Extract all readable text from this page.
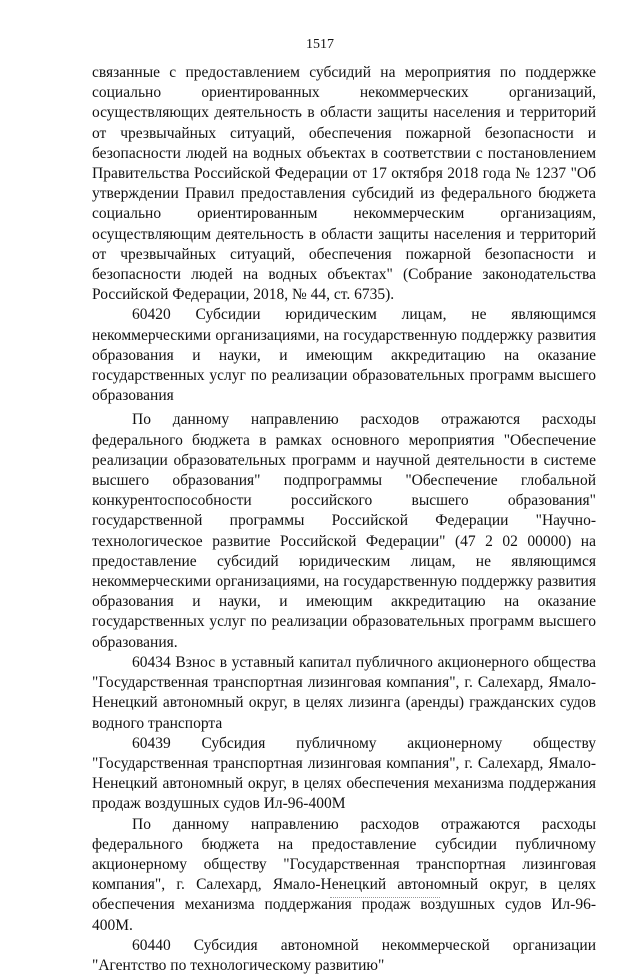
1517

связанные с предоставлением субсидий на мероприятия по поддержке социально ориентированных некоммерческих организаций, осуществляющих деятельность в области защиты населения и территорий от чрезвычайных ситуаций, обеспечения пожарной безопасности и безопасности людей на водных объектах в соответствии с постановлением Правительства Российской Федерации от 17 октября 2018 года № 1237 "Об утверждении Правил предоставления субсидий из федерального бюджета социально ориентированным некоммерческим организациям, осуществляющим деятельность в области защиты населения и территорий от чрезвычайных ситуаций, обеспечения пожарной безопасности и безопасности людей на водных объектах" (Собрание законодательства Российской Федерации, 2018, № 44, ст. 6735).

60420 Субсидии юридическим лицам, не являющимся некоммерческими организациями, на государственную поддержку развития образования и науки, и имеющим аккредитацию на оказание государственных услуг по реализации образовательных программ высшего образования

По данному направлению расходов отражаются расходы федерального бюджета в рамках основного мероприятия "Обеспечение реализации образовательных программ и научной деятельности в системе высшего образования" подпрограммы "Обеспечение глобальной конкурентоспособности российского высшего образования" государственной программы Российской Федерации "Научно-технологическое развитие Российской Федерации" (47 2 02 00000) на предоставление субсидий юридическим лицам, не являющимся некоммерческими организациями, на государственную поддержку развития образования и науки, и имеющим аккредитацию на оказание государственных услуг по реализации образовательных программ высшего образования.

60434 Взнос в уставный капитал публичного акционерного общества "Государственная транспортная лизинговая компания", г. Салехард, Ямало-Ненецкий автономный округ, в целях лизинга (аренды) гражданских судов водного транспорта

60439 Субсидия публичному акционерному обществу "Государственная транспортная лизинговая компания", г. Салехард, Ямало-Ненецкий автономный округ, в целях обеспечения механизма поддержания продаж воздушных судов Ил-96-400М

По данному направлению расходов отражаются расходы федерального бюджета на предоставление субсидии публичному акционерному обществу "Государственная транспортная лизинговая компания", г. Салехард, Ямало-Ненецкий автономный округ, в целях обеспечения механизма поддержания продаж воздушных судов Ил-96-400М.

60440 Субсидия автономной некоммерческой организации "Агентство по технологическому развитию"
